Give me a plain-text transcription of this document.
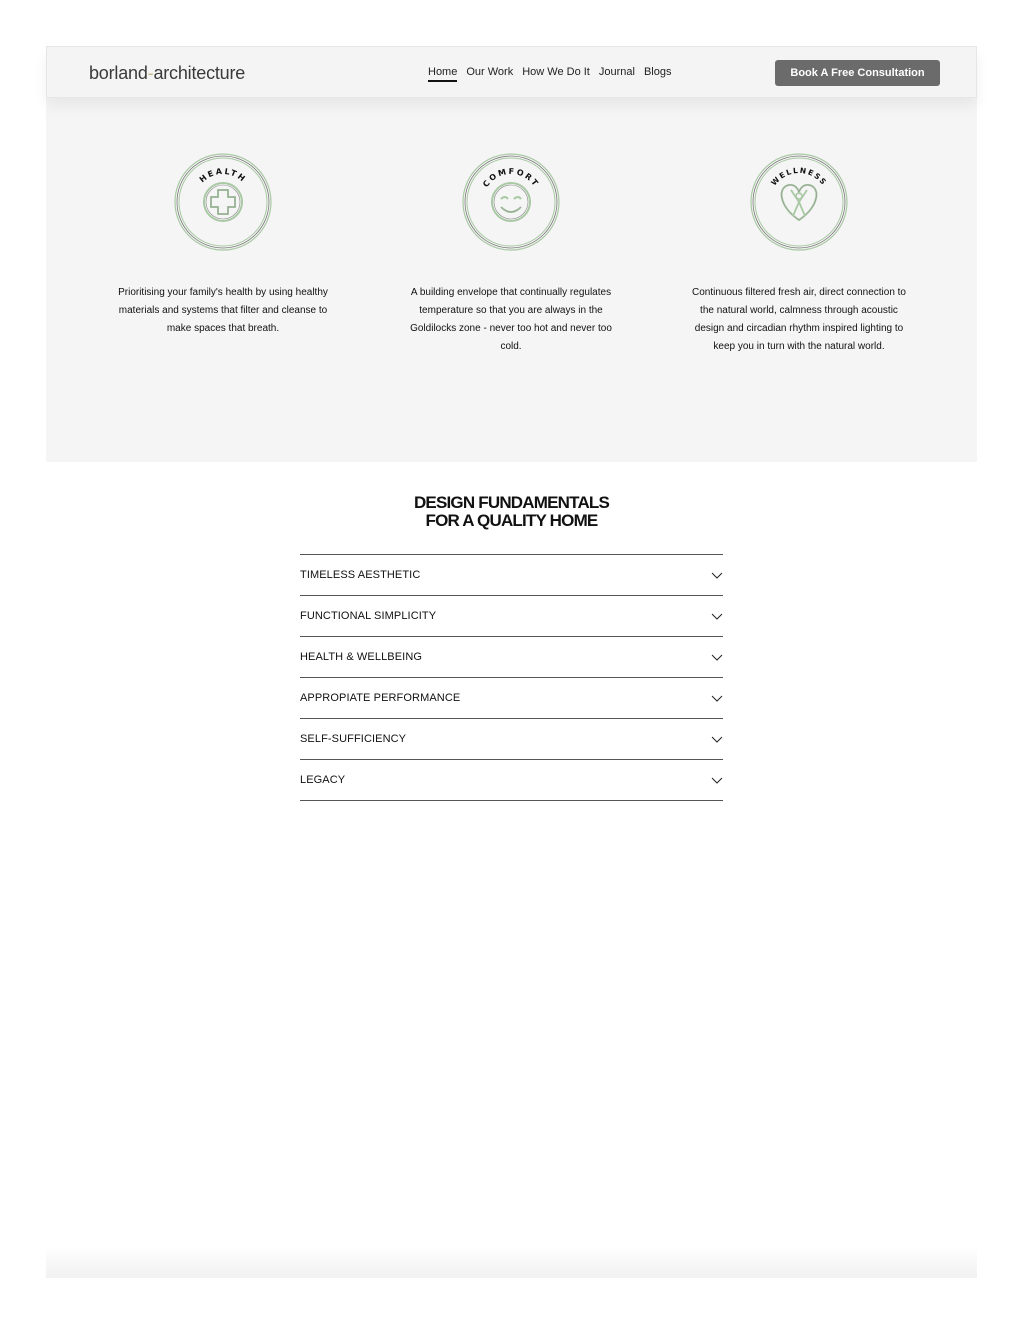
borland-architecture	Home Our Work How We Do It Journal Blogs	Book A Free Consultation
HEALTH

Prioritising your family's health by using healthy materials and systems that filter and cleanse to make spaces that breath.

COMFORT

A building envelope that continually regulates temperature so that you are always in the Goldilocks zone - never too hot and never too cold.

WELLNESS

Continuous filtered fresh air, direct connection to the natural world, calmness through acoustic design and circadian rhythm inspired lighting to keep you in turn with the natural world.

DESIGN FUNDAMENTALS
FOR A QUALITY HOME
TIMELESS AESTHETIC
FUNCTIONAL SIMPLICITY
HEALTH & WELLBEING
APPROPIATE PERFORMANCE
SELF-SUFFICIENCY
LEGACY
